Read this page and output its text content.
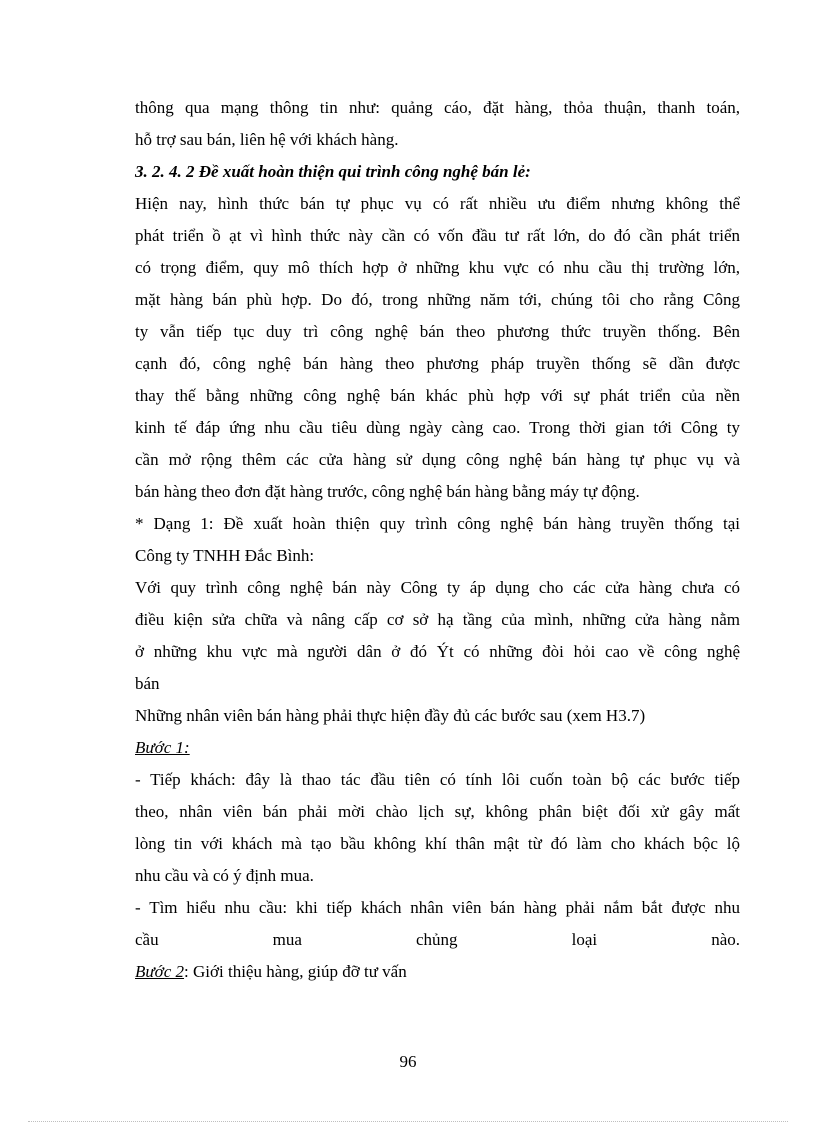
thông qua mạng thông tin như: quảng cáo, đặt hàng, thỏa thuận, thanh toán,
hỗ trợ sau bán, liên hệ với khách hàng.
3. 2. 4. 2 Đề xuất hoàn thiện qui trình công nghệ bán lẻ:
Hiện nay, hình thức bán tự phục vụ có rất nhiều ưu điểm nhưng không thể
phát triển ồ ạt vì hình thức này cần có vốn đầu tư rất lớn, do đó cần phát triển
có trọng điểm, quy mô thích hợp ở những khu vực có nhu cầu thị trường lớn,
mặt hàng bán phù hợp. Do đó, trong những năm tới, chúng tôi cho rằng Công
ty vẫn tiếp tục duy trì công nghệ bán theo phương thức truyền thống. Bên
cạnh đó, công nghệ bán hàng theo phương pháp truyền thống sẽ dần được
thay thế bằng những công nghệ bán khác phù hợp với sự phát triển của nền
kinh tế đáp ứng nhu cầu tiêu dùng ngày càng cao. Trong thời gian tới Công ty
cần mở rộng thêm các cửa hàng sử dụng công nghệ bán hàng tự phục vụ và
bán hàng theo đơn đặt hàng trước, công nghệ bán hàng bằng máy tự động.
* Dạng 1: Đề xuất hoàn thiện quy trình công nghệ bán hàng truyền thống tại
Công ty TNHH Đắc Bình:
Với quy trình công nghệ bán này Công ty áp dụng cho các cửa hàng chưa có
điều kiện sửa chữa và nâng cấp cơ sở hạ tầng của mình, những cửa hàng nằm
ở những khu vực mà người dân ở đó Ýt có những đòi hỏi cao về công nghệ
bán
Những nhân viên bán hàng phải thực hiện đầy đủ các bước sau (xem H3.7)
Bước 1:
- Tiếp khách: đây là thao tác đầu tiên có tính lôi cuốn toàn bộ các bước tiếp
theo, nhân viên bán phải mời chào lịch sự, không phân biệt đối xử gây mất
lòng tin với khách mà tạo bầu không khí thân mật từ đó làm cho khách bộc lộ
nhu cầu và có ý định mua.
- Tìm hiểu nhu cầu: khi tiếp khách nhân viên bán hàng phải nắm bắt được nhu
cầu mua chủng loại nào.
Bước 2: Giới thiệu hàng, giúp đỡ tư vấn
96
